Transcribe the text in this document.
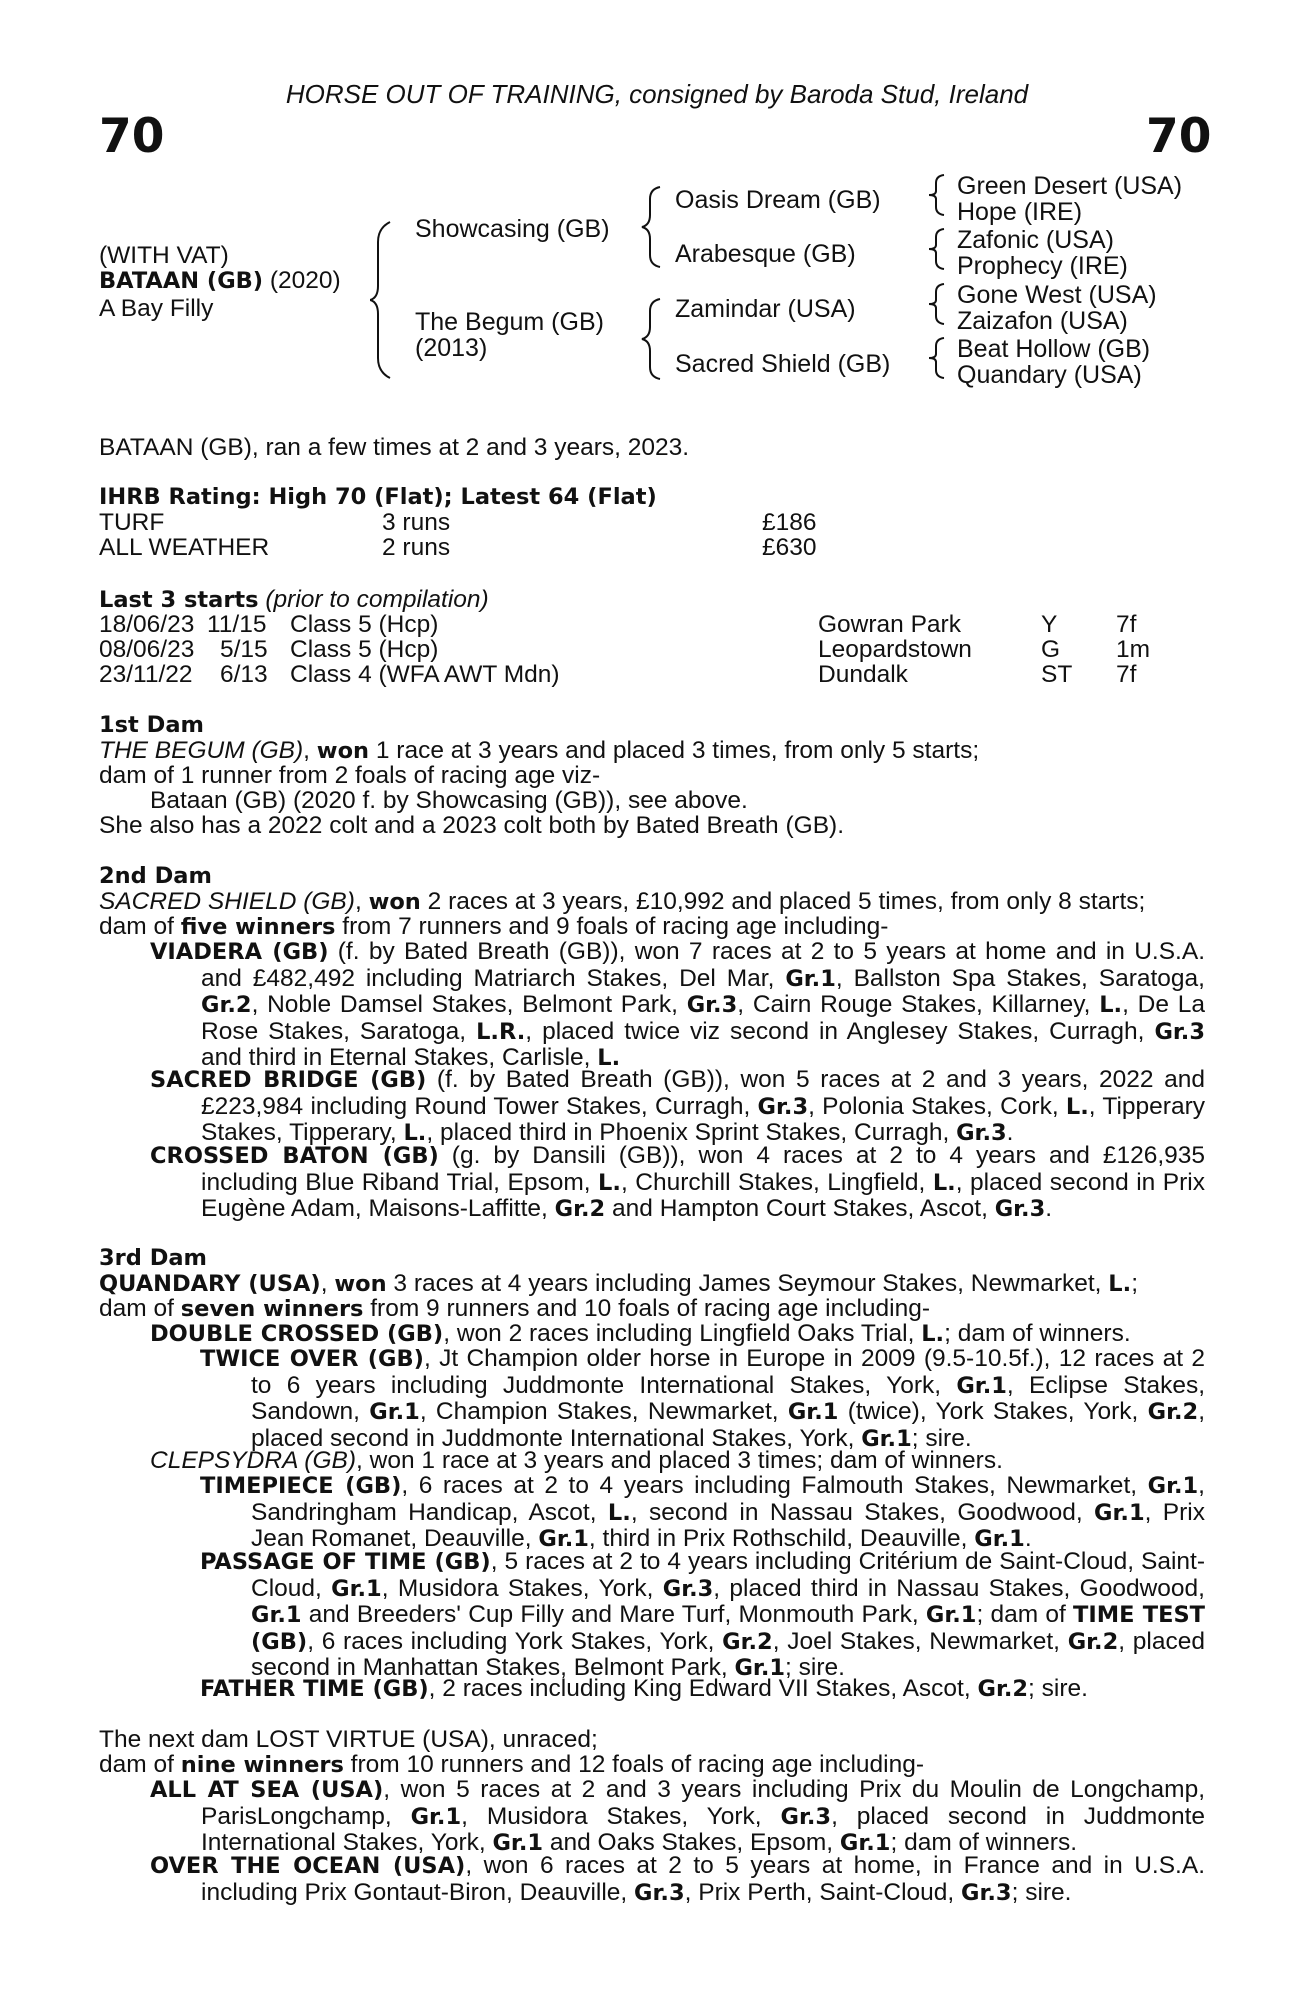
HORSE OUT OF TRAINING, consigned by Baroda Stud, Ireland
70	70
(WITH VAT)
BATAAN (GB) (2020)
A Bay Filly
Showcasing (GB)
The Begum (GB)
(2013)
Oasis Dream (GB)
Arabesque (GB)
Zamindar (USA)
Sacred Shield (GB)
Green Desert (USA)
Hope (IRE)
Zafonic (USA)
Prophecy (IRE)
Gone West (USA)
Zaizafon (USA)
Beat Hollow (GB)
Quandary (USA)
BATAAN (GB), ran a few times at 2 and 3 years, 2023.
IHRB Rating: High 70 (Flat); Latest 64 (Flat)
TURF	3 runs	£186
ALL WEATHER	2 runs	£630
Last 3 starts (prior to compilation)
18/06/23 11/15 Class 5 (Hcp)	Gowran Park	Y 7f
08/06/23 5/15 Class 5 (Hcp)	Leopardstown	G 1m
23/11/22 6/13 Class 4 (WFA AWT Mdn)	Dundalk	ST 7f
1st Dam
THE BEGUM (GB), won 1 race at 3 years and placed 3 times, from only 5 starts;
dam of 1 runner from 2 foals of racing age viz-
Bataan (GB) (2020 f. by Showcasing (GB)), see above.
She also has a 2022 colt and a 2023 colt both by Bated Breath (GB).
2nd Dam
SACRED SHIELD (GB), won 2 races at 3 years, £10,992 and placed 5 times, from only 8 starts;
dam of five winners from 7 runners and 9 foals of racing age including-
VIADERA (GB) (f. by Bated Breath (GB)), won 7 races at 2 to 5 years at home and in U.S.A. and £482,492 including Matriarch Stakes, Del Mar, Gr.1, Ballston Spa Stakes, Saratoga, Gr.2, Noble Damsel Stakes, Belmont Park, Gr.3, Cairn Rouge Stakes, Killarney, L., De La Rose Stakes, Saratoga, L.R., placed twice viz second in Anglesey Stakes, Curragh, Gr.3 and third in Eternal Stakes, Carlisle, L.
SACRED BRIDGE (GB) (f. by Bated Breath (GB)), won 5 races at 2 and 3 years, 2022 and £223,984 including Round Tower Stakes, Curragh, Gr.3, Polonia Stakes, Cork, L., Tipperary Stakes, Tipperary, L., placed third in Phoenix Sprint Stakes, Curragh, Gr.3.
CROSSED BATON (GB) (g. by Dansili (GB)), won 4 races at 2 to 4 years and £126,935 including Blue Riband Trial, Epsom, L., Churchill Stakes, Lingfield, L., placed second in Prix Eugène Adam, Maisons-Laffitte, Gr.2 and Hampton Court Stakes, Ascot, Gr.3.
3rd Dam
QUANDARY (USA), won 3 races at 4 years including James Seymour Stakes, Newmarket, L.;
dam of seven winners from 9 runners and 10 foals of racing age including-
DOUBLE CROSSED (GB), won 2 races including Lingfield Oaks Trial, L.; dam of winners.
TWICE OVER (GB), Jt Champion older horse in Europe in 2009 (9.5-10.5f.), 12 races at 2 to 6 years including Juddmonte International Stakes, York, Gr.1, Eclipse Stakes, Sandown, Gr.1, Champion Stakes, Newmarket, Gr.1 (twice), York Stakes, York, Gr.2, placed second in Juddmonte International Stakes, York, Gr.1; sire.
CLEPSYDRA (GB), won 1 race at 3 years and placed 3 times; dam of winners.
TIMEPIECE (GB), 6 races at 2 to 4 years including Falmouth Stakes, Newmarket, Gr.1, Sandringham Handicap, Ascot, L., second in Nassau Stakes, Goodwood, Gr.1, Prix Jean Romanet, Deauville, Gr.1, third in Prix Rothschild, Deauville, Gr.1.
PASSAGE OF TIME (GB), 5 races at 2 to 4 years including Critérium de Saint-Cloud, Saint-Cloud, Gr.1, Musidora Stakes, York, Gr.3, placed third in Nassau Stakes, Goodwood, Gr.1 and Breeders' Cup Filly and Mare Turf, Monmouth Park, Gr.1; dam of TIME TEST (GB), 6 races including York Stakes, York, Gr.2, Joel Stakes, Newmarket, Gr.2, placed second in Manhattan Stakes, Belmont Park, Gr.1; sire.
FATHER TIME (GB), 2 races including King Edward VII Stakes, Ascot, Gr.2; sire.
The next dam LOST VIRTUE (USA), unraced;
dam of nine winners from 10 runners and 12 foals of racing age including-
ALL AT SEA (USA), won 5 races at 2 and 3 years including Prix du Moulin de Longchamp, ParisLongchamp, Gr.1, Musidora Stakes, York, Gr.3, placed second in Juddmonte International Stakes, York, Gr.1 and Oaks Stakes, Epsom, Gr.1; dam of winners.
OVER THE OCEAN (USA), won 6 races at 2 to 5 years at home, in France and in U.S.A. including Prix Gontaut-Biron, Deauville, Gr.3, Prix Perth, Saint-Cloud, Gr.3; sire.
